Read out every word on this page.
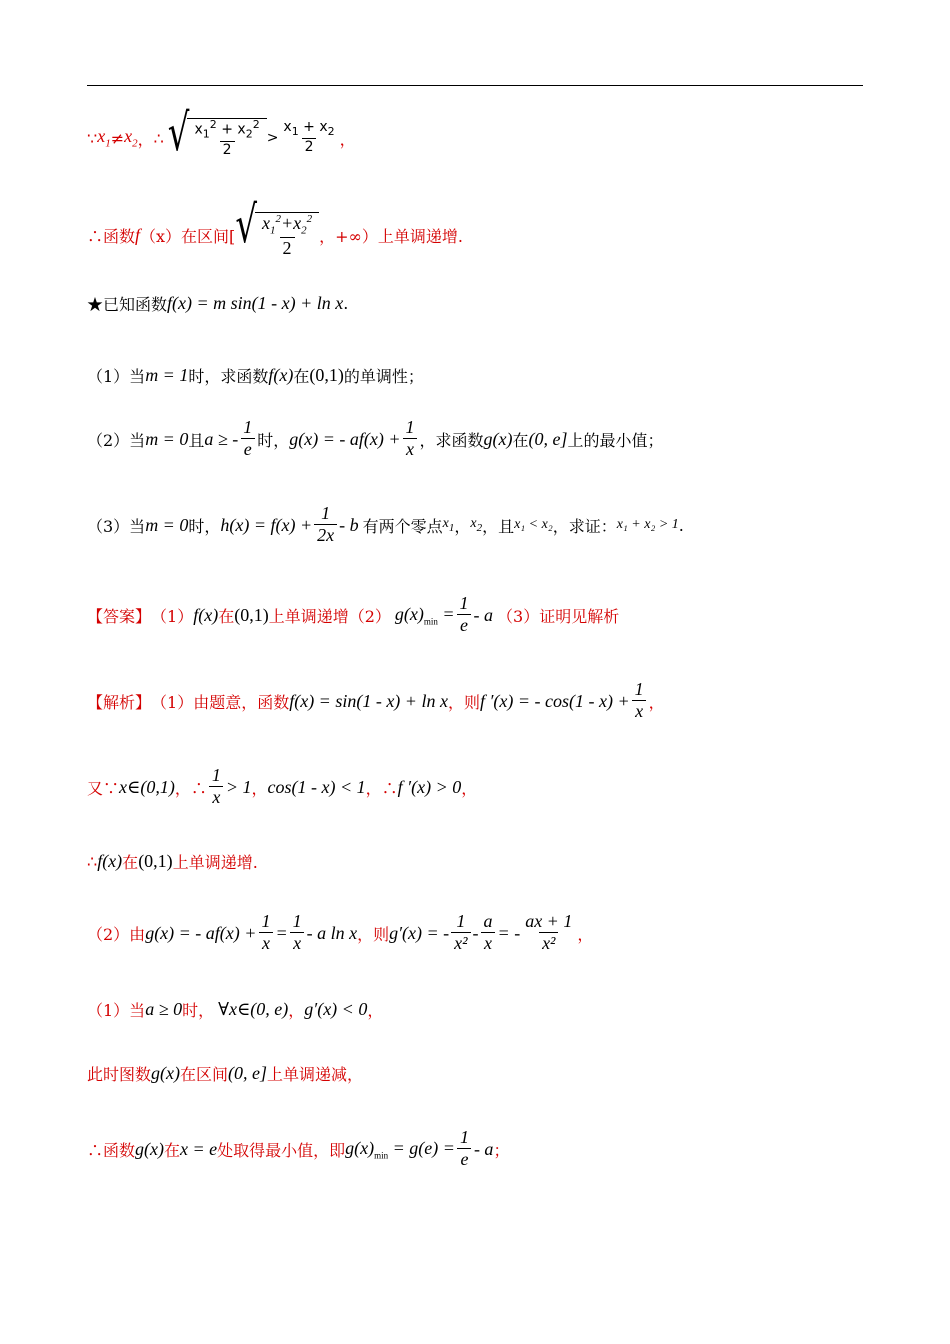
∵ $x_1 \ne x_2$ ， ∴ √ $\frac{x_1^2 + x_2^2}{2} > \frac{x_1 + x_2}{2}$ ，
∴函数 f （x）在区间[ √ $\frac{x_1^2+x_2^2}{2}$ ，+∞）上单调递增.
★已知函数 f(x) = m sin(1 - x) + ln x .
（1）当 m = 1 时，求函数 f(x) 在 (0,1) 的单调性；
（2）当 m = 0 且 a ≥ - $\frac{1}{e}$ 时， g(x) = - $af(x) + \frac{1}{x}$ ，求函数 g(x) 在 (0, e] 上的最小值；
（3）当 m = 0 时， $h(x) = f(x) + \frac{1}{2x} - b$ 有两个零点 $x_1$ ， $x_2$ ，且 x₁ < x₂ ，求证： x₁ + x₂ > 1 .
【答案】 （1） f(x) 在 (0,1) 上单调递增（2） $g(x)_{min} = \frac{1}{e} - a$ （3）证明见解析
【解析】 （1）由题意，函数 f(x) = sin(1 - x) + ln x ，则 f ′(x) = - $\cos(1 - x) + \frac{1}{x}$ ，
又∵ x∈(0,1) ，∴ $\frac{1}{x} > 1$ ， cos(1 - x) < 1 ，∴ f ′(x) > 0 ，
∴ f(x) 在 (0,1) 上单调递增.
（2）由 g(x) = - $af(x) + \frac{1}{x} = \frac{1}{x} - a$ ln x ，则 g′(x) = - $\frac{1}{\text{x²}} - \frac{a}{x}$ = - $\frac{ax + 1}{\text{x²}}$ ，
（1）当 a ≥ 0 时， ∀x∈(0, e) ， g′(x) < 0 ，
此时图数 g(x) 在区间 (0, e] 上单调递减，
∴函数 g(x) 在 x = e 处取得最小值，即 $g(x)_{min} = g(e) = \frac{1}{e} - a$ ；
